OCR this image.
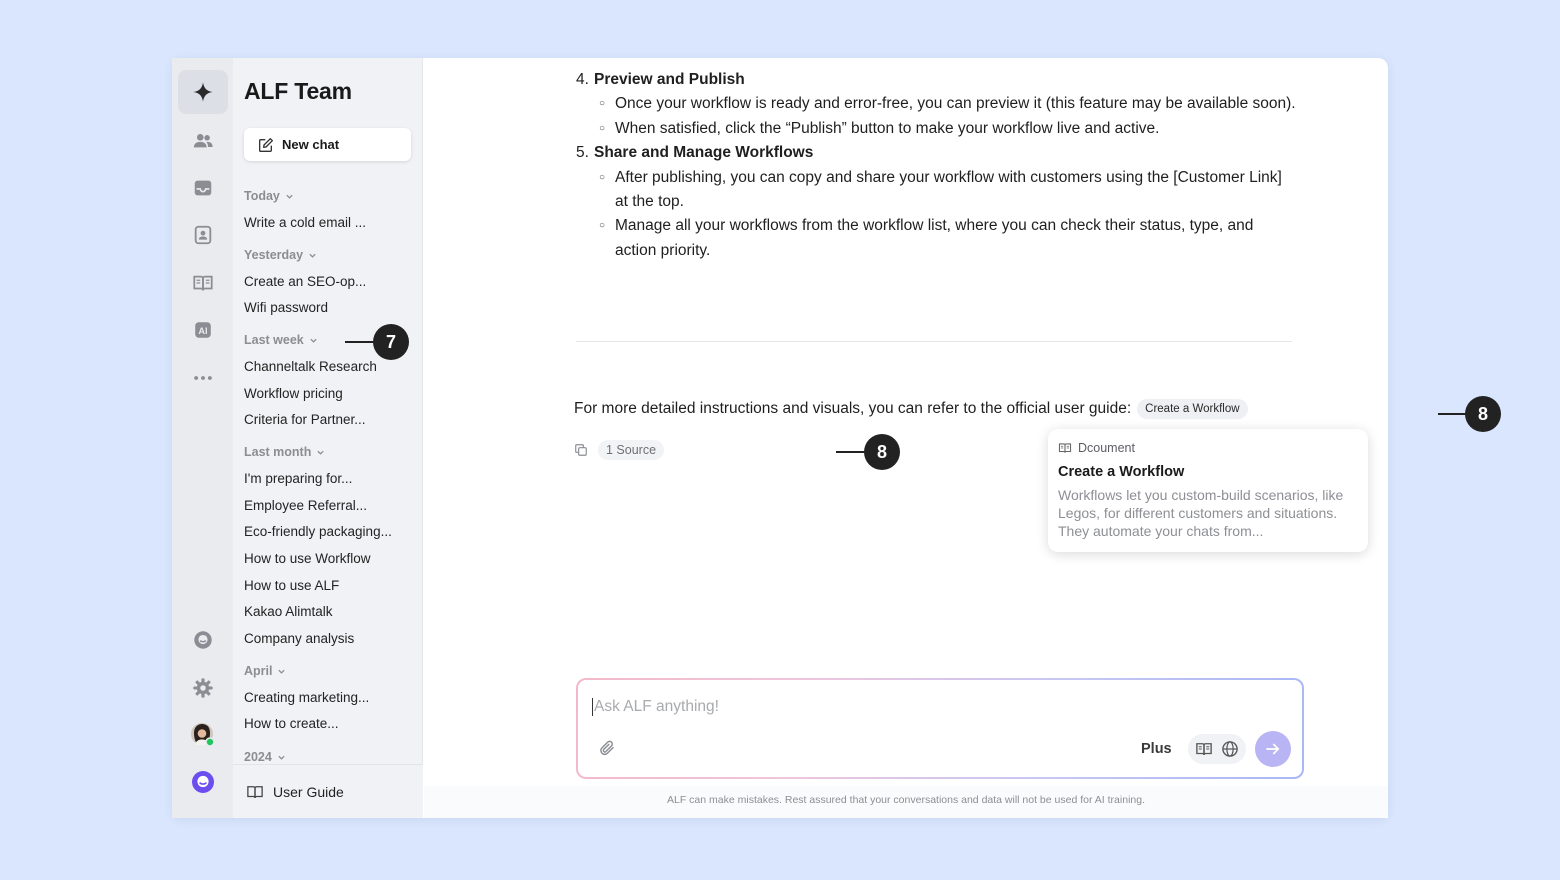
AI
ALF Team
New chat
Today
Write a cold email ...
Yesterday
Create an SEO-op...
Wifi password
Last week
Channeltalk Research
Workflow pricing
Criteria for Partner...
Last month
I'm preparing for...
Employee Referral...
Eco-friendly packaging...
How to use Workflow
How to use ALF
Kakao Alimtalk
Company analysis
April
Creating marketing...
How to create...
2024
User Guide
4. Preview and Publish
○ Once your workflow is ready and error-free, you can preview it (this feature may be available soon).
○ When satisfied, click the “Publish” button to make your workflow live and active.
5. Share and Manage Workflows
○ After publishing, you can copy and share your workflow with customers using the [Customer Link] at the top.
○ Manage all your workflows from the workflow list, where you can check their status, type, and action priority.
For more detailed instructions and visuals, you can refer to the official user guide:	Create a Workflow
1 Source
8
8	Dcoument
Create a Workflow
Workflows let you custom-build scenarios, like Legos, for different customers and situations. They automate your chats from...
Ask ALF anything!
Plus
ALF can make mistakes. Rest assured that your conversations and data will not be used for AI training.
7
